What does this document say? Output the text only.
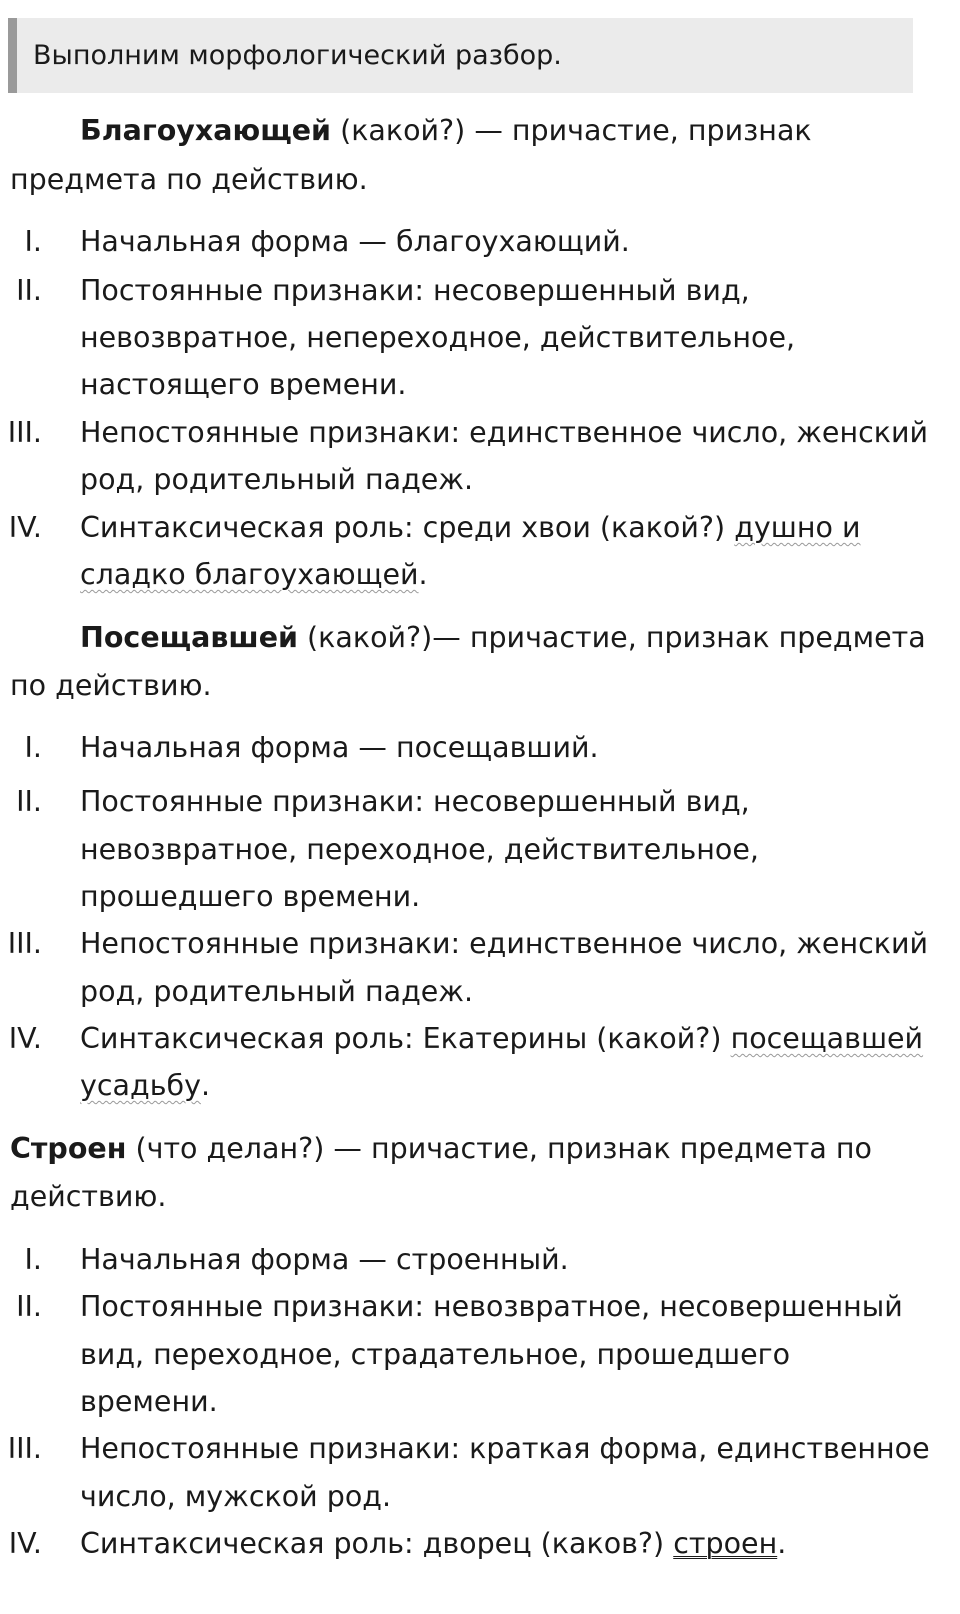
Выполним морфологический разбор.
Благоухающей (какой?) — причастие, признак
предмета по действию.
I. Начальная форма — благоухающий.
II. Постоянные признаки: несовершенный вид,
невозвратное, непереходное, действительное,
настоящего времени.
III. Непостоянные признаки: единственное число, женский
род, родительный падеж.
IV. Синтаксическая роль: среди хвои (какой?) душно и
сладко благоухающей.
Посещавшей (какой?)— причастие, признак предмета
по действию.
I. Начальная форма — посещавший.
II. Постоянные признаки: несовершенный вид,
невозвратное, переходное, действительное,
прошедшего времени.
III. Непостоянные признаки: единственное число, женский
род, родительный падеж.
IV. Синтаксическая роль: Екатерины (какой?) посещавшей
усадьбу.
Строен (что делан?) — причастие, признак предмета по
действию.
I. Начальная форма — строенный.
II. Постоянные признаки: невозвратное, несовершенный
вид, переходное, страдательное, прошедшего
времени.
III. Непостоянные признаки: краткая форма, единственное
число, мужской род.
IV. Синтаксическая роль: дворец (каков?) строен.
